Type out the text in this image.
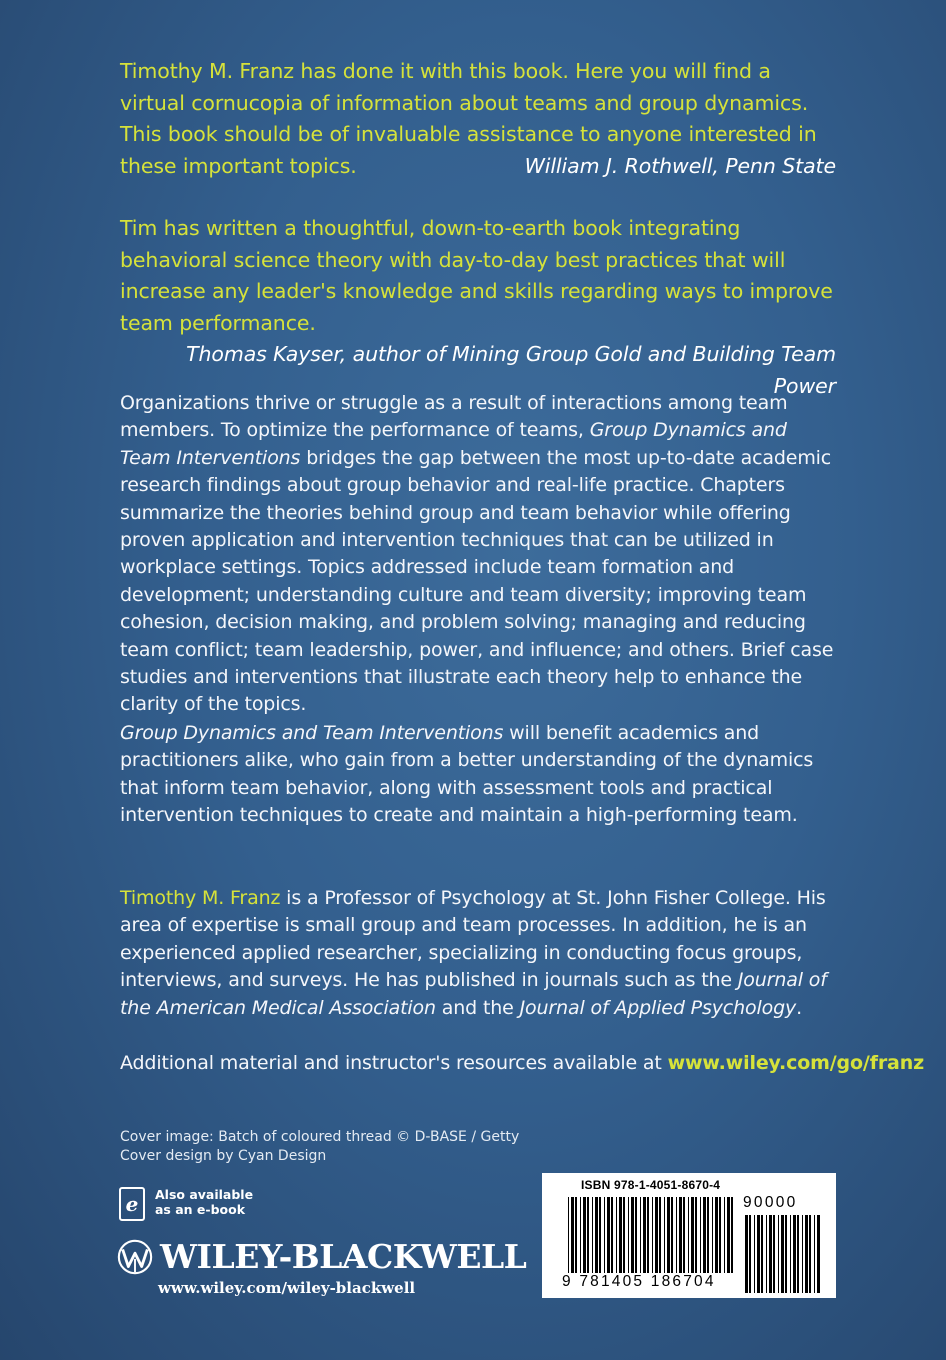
Timothy M. Franz has done it with this book. Here you will find a virtual cornucopia of information about teams and group dynamics. This book should be of invaluable assistance to anyone interested in these important topics.	William J. Rothwell, Penn State
Tim has written a thoughtful, down-to-earth book integrating behavioral science theory with day-to-day best practices that will increase any leader's knowledge and skills regarding ways to improve team performance.
Thomas Kayser, author of Mining Group Gold and Building Team Power
Organizations thrive or struggle as a result of interactions among team members. To optimize the performance of teams, Group Dynamics and Team Interventions bridges the gap between the most up-to-date academic research findings about group behavior and real-life practice. Chapters summarize the theories behind group and team behavior while offering proven application and intervention techniques that can be utilized in workplace settings. Topics addressed include team formation and development; understanding culture and team diversity; improving team cohesion, decision making, and problem solving; managing and reducing team conflict; team leadership, power, and influence; and others. Brief case studies and interventions that illustrate each theory help to enhance the clarity of the topics.
Group Dynamics and Team Interventions will benefit academics and practitioners alike, who gain from a better understanding of the dynamics that inform team behavior, along with assessment tools and practical intervention techniques to create and maintain a high-performing team.
Timothy M. Franz is a Professor of Psychology at St. John Fisher College. His area of expertise is small group and team processes. In addition, he is an experienced applied researcher, specializing in conducting focus groups, interviews, and surveys. He has published in journals such as the Journal of the American Medical Association and the Journal of Applied Psychology.
Additional material and instructor's resources available at www.wiley.com/go/franz
Cover image: Batch of coloured thread © D-BASE / Getty
Cover design by Cyan Design
e	Also available
as an e-book
WILEY-BLACKWELL
www.wiley.com/wiley-blackwell
ISBN 978-1-4051-8670-4
9 781405 186704
90000
